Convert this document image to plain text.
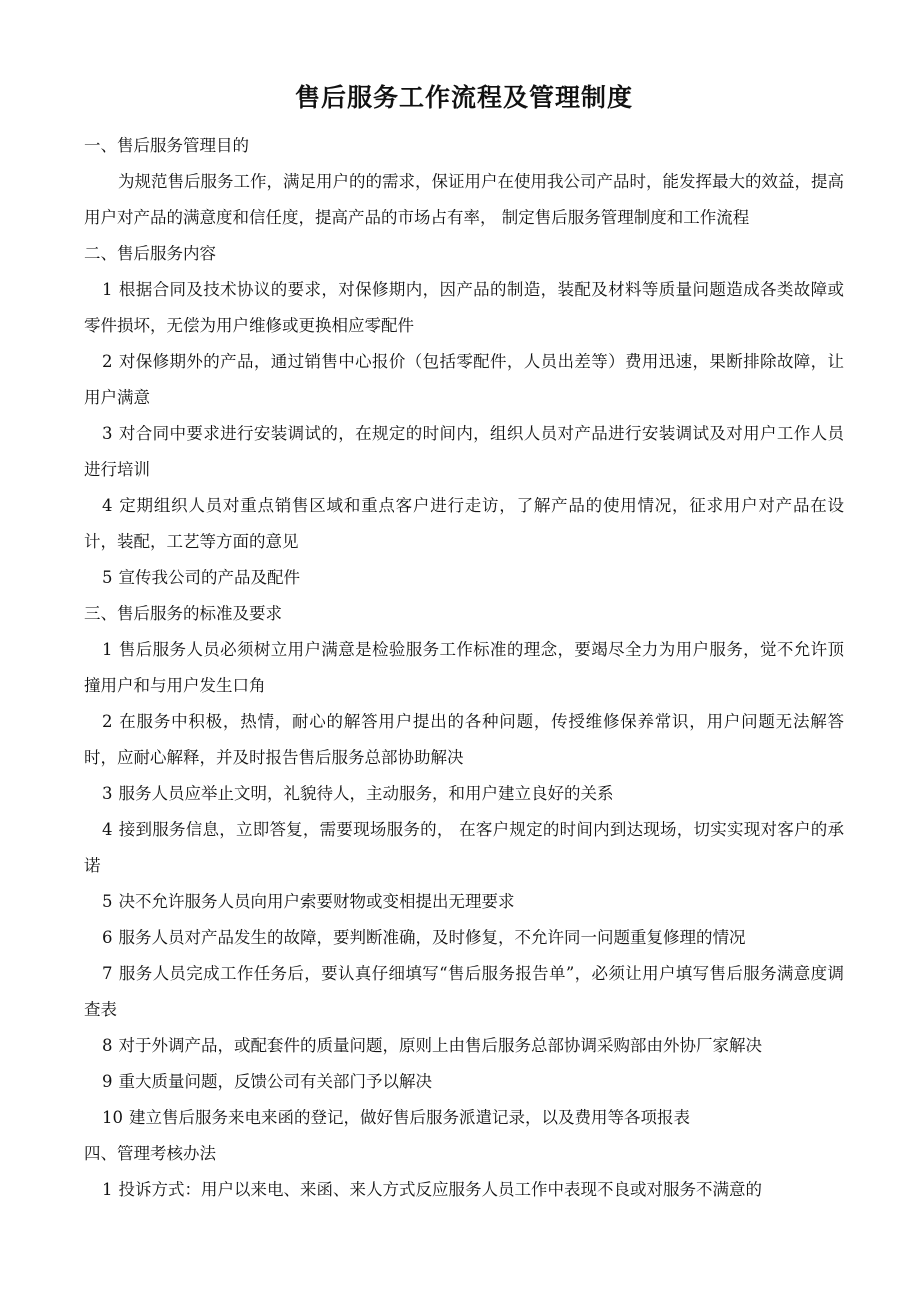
售后服务工作流程及管理制度

一、售后服务管理目的

为规范售后服务工作，满足用户的的需求，保证用户在使用我公司产品时，能发挥最大的效益，提高用户对产品的满意度和信任度，提高产品的市场占有率， 制定售后服务管理制度和工作流程

二、售后服务内容

1 根据合同及技术协议的要求，对保修期内，因产品的制造，装配及材料等质量问题造成各类故障或零件损坏，无偿为用户维修或更换相应零配件

2 对保修期外的产品，通过销售中心报价（包括零配件，人员出差等）费用迅速，果断排除故障，让用户满意

3 对合同中要求进行安装调试的，在规定的时间内，组织人员对产品进行安装调试及对用户工作人员进行培训

4 定期组织人员对重点销售区域和重点客户进行走访，了解产品的使用情况，征求用户对产品在设计，装配，工艺等方面的意见

5 宣传我公司的产品及配件

三、售后服务的标准及要求

1 售后服务人员必须树立用户满意是检验服务工作标准的理念，要竭尽全力为用户服务，觉不允许顶撞用户和与用户发生口角

2 在服务中积极，热情，耐心的解答用户提出的各种问题，传授维修保养常识，用户问题无法解答时，应耐心解释，并及时报告售后服务总部协助解决

3 服务人员应举止文明，礼貌待人，主动服务，和用户建立良好的关系

4 接到服务信息，立即答复，需要现场服务的， 在客户规定的时间内到达现场，切实实现对客户的承诺

5 决不允许服务人员向用户索要财物或变相提出无理要求

6 服务人员对产品发生的故障，要判断准确，及时修复，不允许同一问题重复修理的情况

7 服务人员完成工作任务后，要认真仔细填写“售后服务报告单”，必须让用户填写售后服务满意度调查表

8 对于外调产品，或配套件的质量问题，原则上由售后服务总部协调采购部由外协厂家解决

9 重大质量问题，反馈公司有关部门予以解决

10 建立售后服务来电来函的登记，做好售后服务派遣记录，以及费用等各项报表

四、管理考核办法

1 投诉方式：用户以来电、来函、来人方式反应服务人员工作中表现不良或对服务不满意的
